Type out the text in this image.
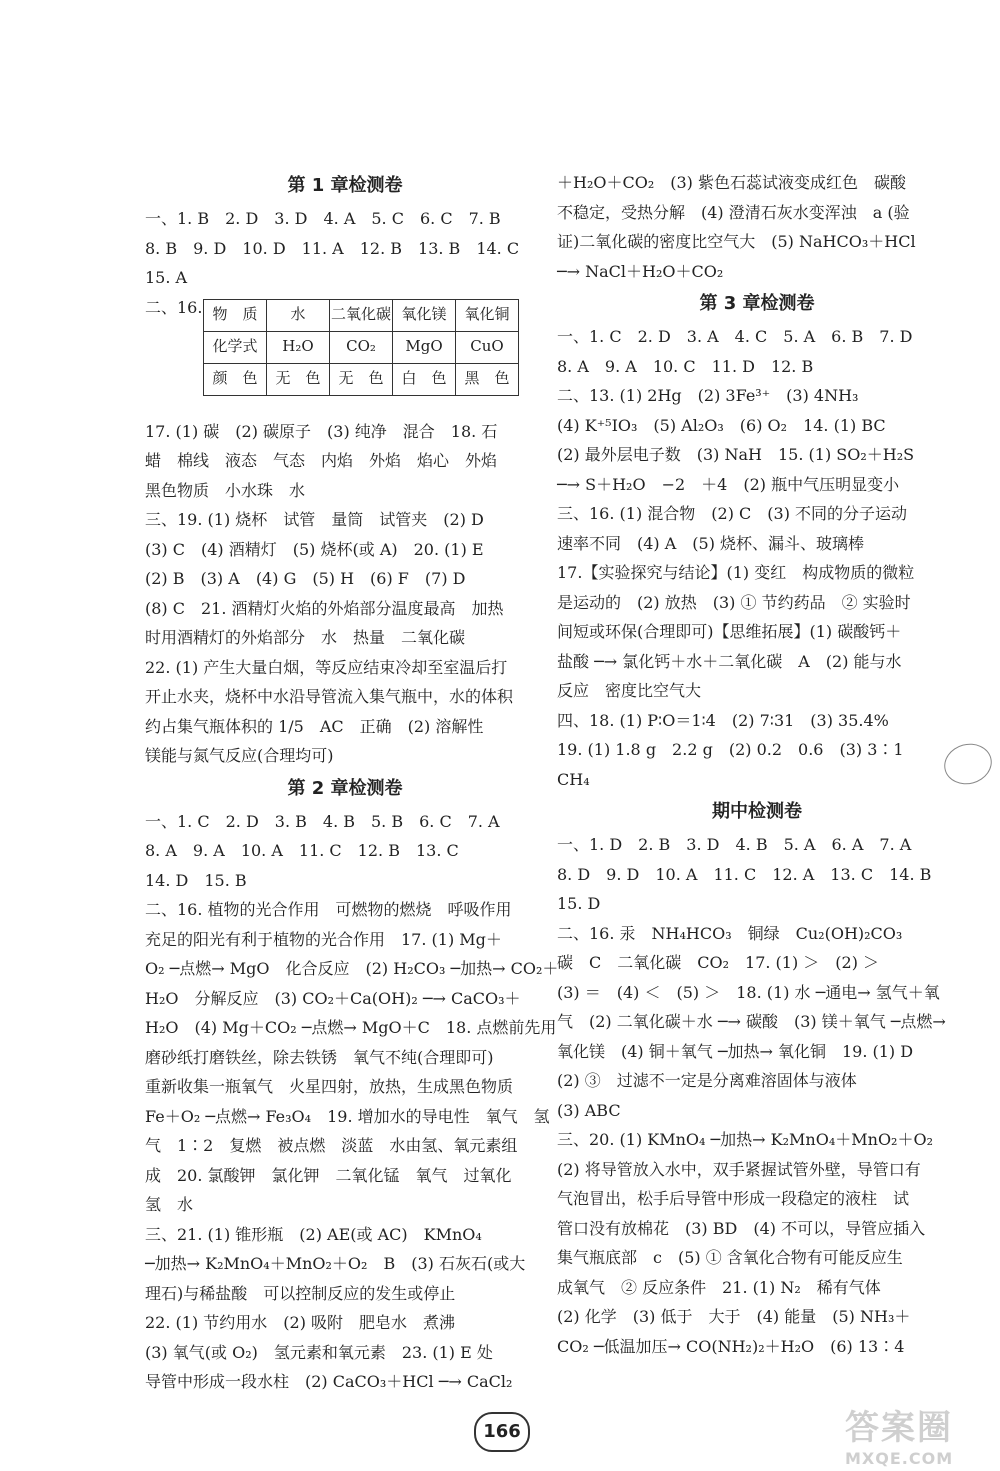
第 1 章检测卷
一、1. B　2. D　3. D　4. A　5. C　6. C　7. B
8. B　9. D　10. D　11. A　12. B　13. B　14. C
15. A
二、16. 物　质	水	二氧化碳	氧化镁	氧化铜
化学式	H₂O	CO₂	MgO	CuO
颜　色	无　色	无　色	白　色	黑　色
17. (1) 碳　(2) 碳原子　(3) 纯净　混合　18. 石
蜡　棉线　液态　气态　内焰　外焰　焰心　外焰
黑色物质　小水珠　水
三、19. (1) 烧杯　试管　量筒　试管夹　(2) D
(3) C　(4) 酒精灯　(5) 烧杯(或 A)　20. (1) E
(2) B　(3) A　(4) G　(5) H　(6) F　(7) D
(8) C　21. 酒精灯火焰的外焰部分温度最高　加热
时用酒精灯的外焰部分　水　热量　二氧化碳
22. (1) 产生大量白烟，等反应结束冷却至室温后打
开止水夹，烧杯中水沿导管流入集气瓶中，水的体积
约占集气瓶体积的 1/5　AC　正确　(2) 溶解性
镁能与氮气反应(合理均可)
第 2 章检测卷
一、1. C　2. D　3. B　4. B　5. B　6. C　7. A
8. A　9. A　10. A　11. C　12. B　13. C
14. D　15. B
二、16. 植物的光合作用　可燃物的燃烧　呼吸作用
充足的阳光有利于植物的光合作用　17. (1) Mg＋
O₂ ─点燃→ MgO　化合反应　(2) H₂CO₃ ─加热→ CO₂＋
H₂O　分解反应　(3) CO₂＋Ca(OH)₂ ─→ CaCO₃＋
H₂O　(4) Mg＋CO₂ ─点燃→ MgO＋C　18. 点燃前先用
磨砂纸打磨铁丝，除去铁锈　氧气不纯(合理即可)
重新收集一瓶氧气　火星四射，放热，生成黑色物质
Fe＋O₂ ─点燃→ Fe₃O₄　19. 增加水的导电性　氧气　氢
气　1∶2　复燃　被点燃　淡蓝　水由氢、氧元素组
成　20. 氯酸钾　氯化钾　二氧化锰　氧气　过氧化
氢　水
三、21. (1) 锥形瓶　(2) AE(或 AC)　KMnO₄
─加热→ K₂MnO₄＋MnO₂＋O₂　B　(3) 石灰石(或大
理石)与稀盐酸　可以控制反应的发生或停止
22. (1) 节约用水　(2) 吸附　肥皂水　煮沸
(3) 氧气(或 O₂)　氢元素和氧元素　23. (1) E 处
导管中形成一段水柱　(2) CaCO₃＋HCl ─→ CaCl₂
＋H₂O＋CO₂　(3) 紫色石蕊试液变成红色　碳酸
不稳定，受热分解　(4) 澄清石灰水变浑浊　a (验
证)二氧化碳的密度比空气大　(5) NaHCO₃＋HCl
─→ NaCl＋H₂O＋CO₂
第 3 章检测卷
一、1. C　2. D　3. A　4. C　5. A　6. B　7. D
8. A　9. A　10. C　11. D　12. B
二、13. (1) 2Hg　(2) 3Fe³⁺　(3) 4NH₃
(4) K⁺⁵IO₃　(5) Al₂O₃　(6) O₂　14. (1) BC
(2) 最外层电子数　(3) NaH　15. (1) SO₂＋H₂S
─→ S＋H₂O　−2　＋4　(2) 瓶中气压明显变小
三、16. (1) 混合物　(2) C　(3) 不同的分子运动
速率不同　(4) A　(5) 烧杯、漏斗、玻璃棒
17.【实验探究与结论】(1) 变红　构成物质的微粒
是运动的　(2) 放热　(3) ① 节约药品　② 实验时
间短或环保(合理即可)【思维拓展】(1) 碳酸钙＋
盐酸 ─→ 氯化钙＋水＋二氧化碳　A　(2) 能与水
反应　密度比空气大
四、18. (1) P∶O＝1∶4　(2) 7∶31　(3) 35.4%
19. (1) 1.8 g　2.2 g　(2) 0.2　0.6　(3) 3∶1
CH₄
期中检测卷
一、1. D　2. B　3. D　4. B　5. A　6. A　7. A
8. D　9. D　10. A　11. C　12. A　13. C　14. B
15. D
二、16. 汞　NH₄HCO₃　铜绿　Cu₂(OH)₂CO₃
碳　C　二氧化碳　CO₂　17. (1) ＞　(2) ＞
(3) ＝　(4) ＜　(5) ＞　18. (1) 水 ─通电→ 氢气＋氧
气　(2) 二氧化碳＋水 ─→ 碳酸　(3) 镁＋氧气 ─点燃→
氧化镁　(4) 铜＋氧气 ─加热→ 氧化铜　19. (1) D
(2) ③　过滤不一定是分离难溶固体与液体
(3) ABC
三、20. (1) KMnO₄ ─加热→ K₂MnO₄＋MnO₂＋O₂
(2) 将导管放入水中，双手紧握试管外壁，导管口有
气泡冒出，松手后导管中形成一段稳定的液柱　试
管口没有放棉花　(3) BD　(4) 不可以，导管应插入
集气瓶底部　c　(5) ① 含氧化合物有可能反应生
成氧气　② 反应条件　21. (1) N₂　稀有气体
(2) 化学　(3) 低于　大于　(4) 能量　(5) NH₃＋
CO₂ ─低温加压→ CO(NH₂)₂＋H₂O　(6) 13∶4
166	答案圈
MXQE.COM
